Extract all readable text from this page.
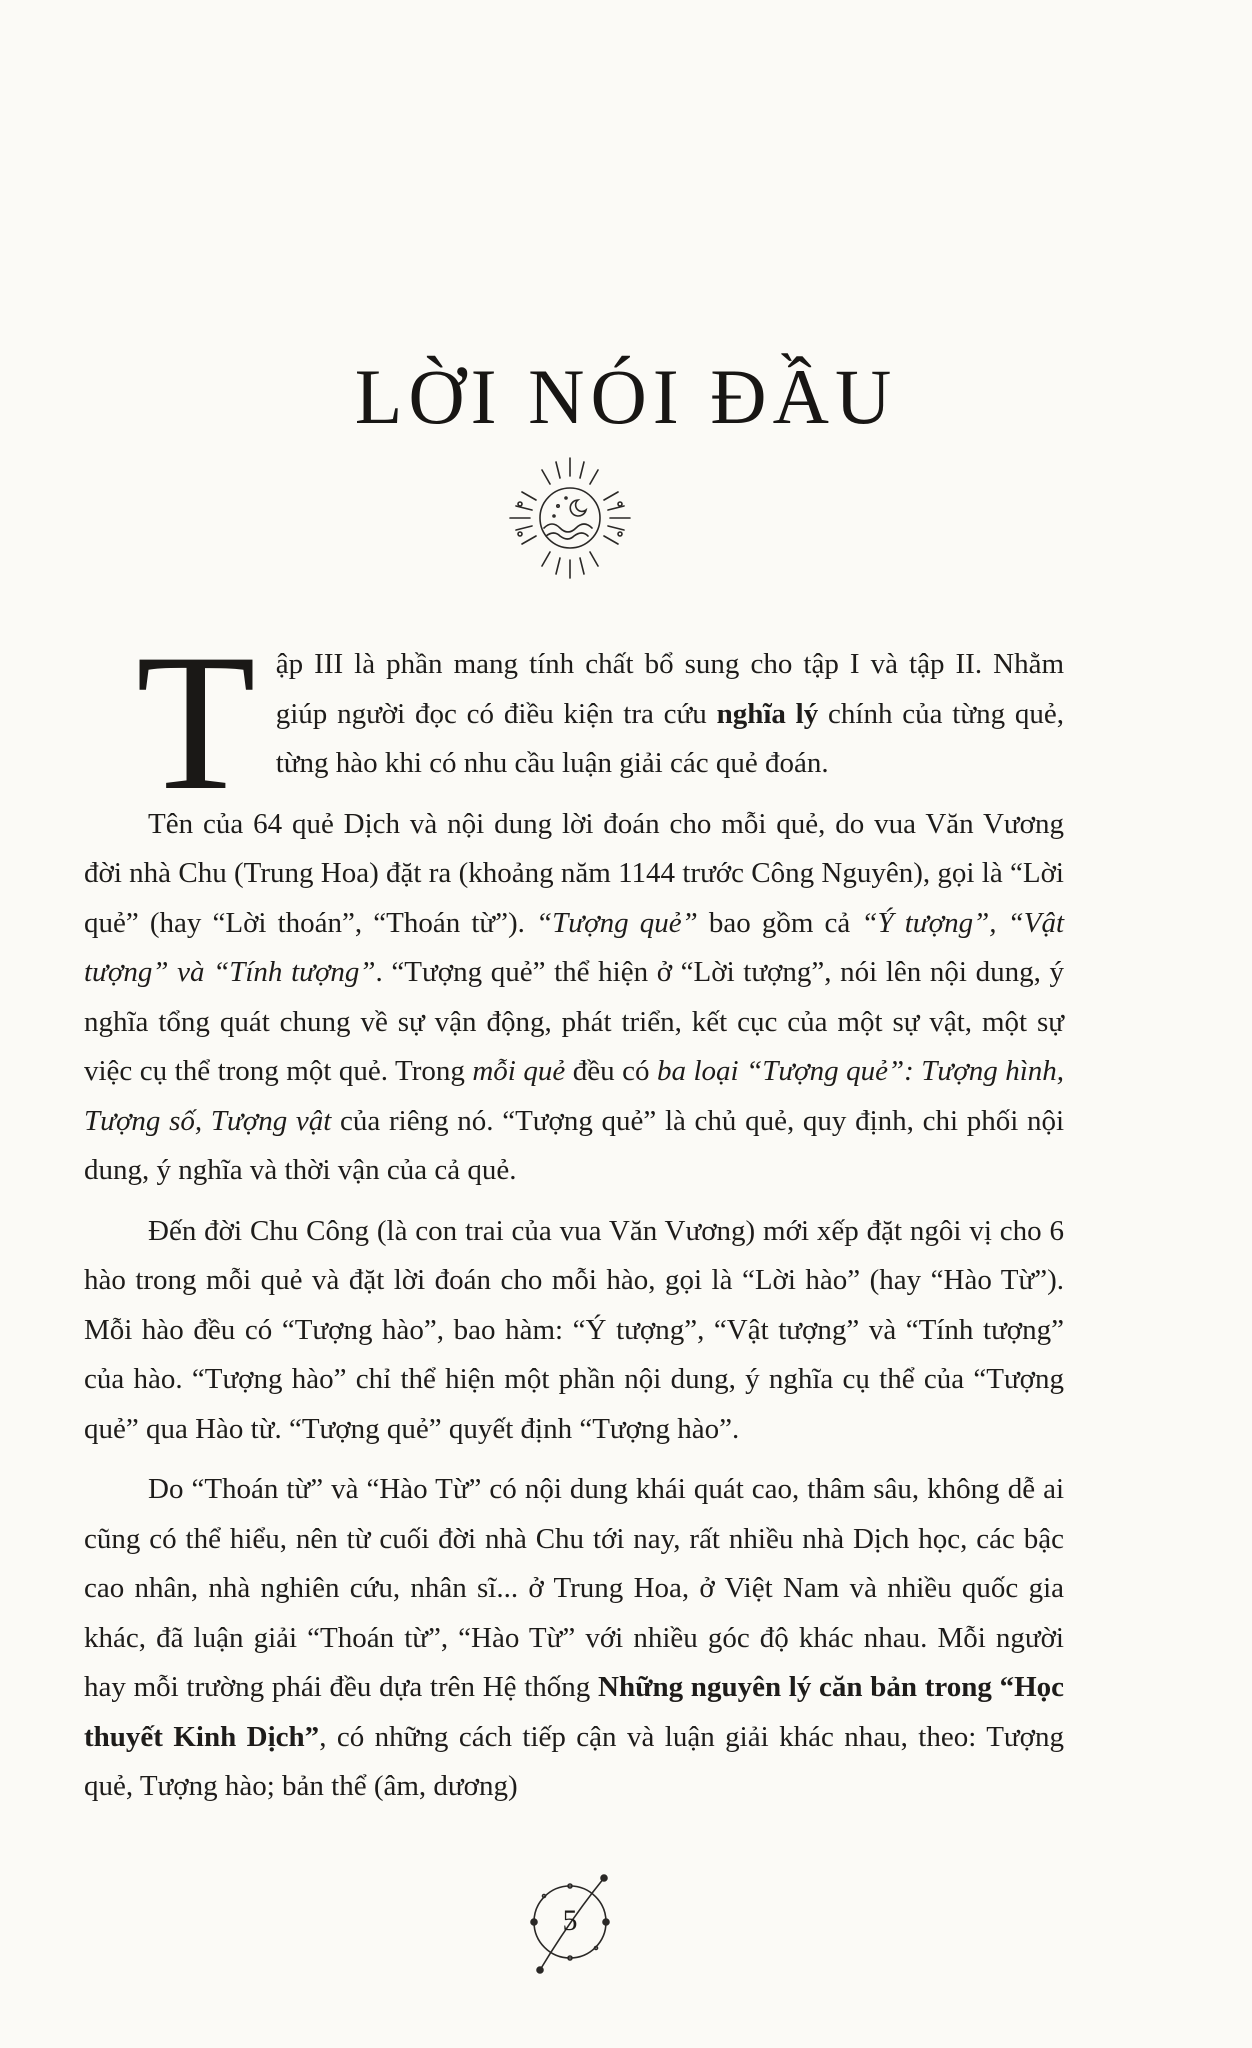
LỜI NÓI ĐẦU
T ập III là phần mang tính chất bổ sung cho tập I và tập II. Nhằm giúp người đọc có điều kiện tra cứu nghĩa lý chính của từng quẻ, từng hào khi có nhu cầu luận giải các quẻ đoán.

Tên của 64 quẻ Dịch và nội dung lời đoán cho mỗi quẻ, do vua Văn Vương đời nhà Chu (Trung Hoa) đặt ra (khoảng năm 1144 trước Công Nguyên), gọi là “Lời quẻ” (hay “Lời thoán”, “Thoán từ”). “Tượng quẻ” bao gồm cả “Ý tượng”, “Vật tượng” và “Tính tượng”. “Tượng quẻ” thể hiện ở “Lời tượng”, nói lên nội dung, ý nghĩa tổng quát chung về sự vận động, phát triển, kết cục của một sự vật, một sự việc cụ thể trong một quẻ. Trong mỗi quẻ đều có ba loại “Tượng quẻ”: Tượng hình, Tượng số, Tượng vật của riêng nó. “Tượng quẻ” là chủ quẻ, quy định, chi phối nội dung, ý nghĩa và thời vận của cả quẻ.

Đến đời Chu Công (là con trai của vua Văn Vương) mới xếp đặt ngôi vị cho 6 hào trong mỗi quẻ và đặt lời đoán cho mỗi hào, gọi là “Lời hào” (hay “Hào Từ”). Mỗi hào đều có “Tượng hào”, bao hàm: “Ý tượng”, “Vật tượng” và “Tính tượng” của hào. “Tượng hào” chỉ thể hiện một phần nội dung, ý nghĩa cụ thể của “Tượng quẻ” qua Hào từ. “Tượng quẻ” quyết định “Tượng hào”.

Do “Thoán từ” và “Hào Từ” có nội dung khái quát cao, thâm sâu, không dễ ai cũng có thể hiểu, nên từ cuối đời nhà Chu tới nay, rất nhiều nhà Dịch học, các bậc cao nhân, nhà nghiên cứu, nhân sĩ... ở Trung Hoa, ở Việt Nam và nhiều quốc gia khác, đã luận giải “Thoán từ”, “Hào Từ” với nhiều góc độ khác nhau. Mỗi người hay mỗi trường phái đều dựa trên Hệ thống Những nguyên lý căn bản trong “Học thuyết Kinh Dịch”, có những cách tiếp cận và luận giải khác nhau, theo: Tượng quẻ, Tượng hào; bản thể (âm, dương)

5
